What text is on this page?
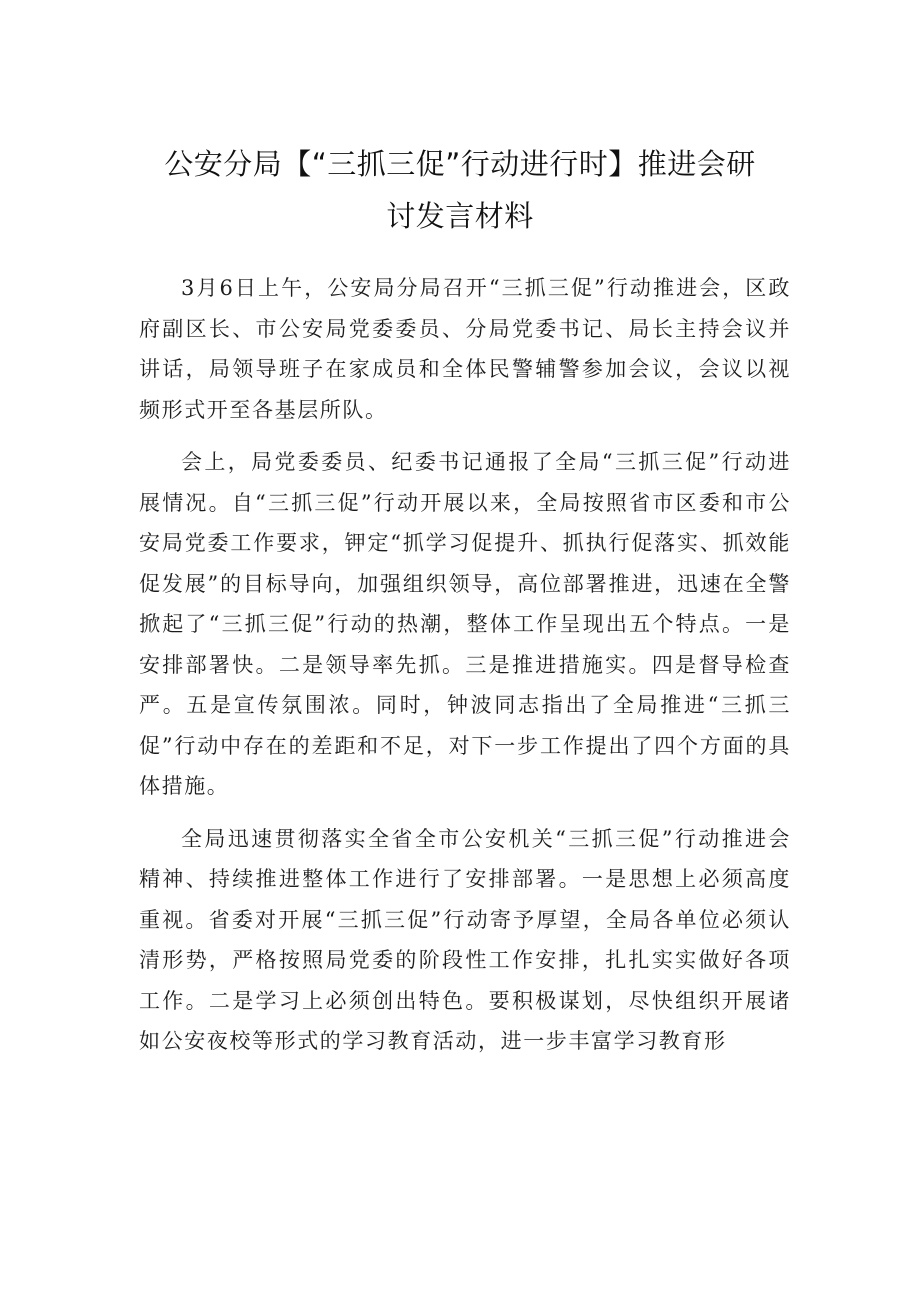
公安分局【“三抓三促”行动进行时】推进会研
讨发言材料

3月6日上午，公安局分局召开“三抓三促”行动推进会，区政府副区长、市公安局党委委员、分局党委书记、局长主持会议并讲话，局领导班子在家成员和全体民警辅警参加会议，会议以视频形式开至各基层所队。

会上，局党委委员、纪委书记通报了全局“三抓三促”行动进展情况。自“三抓三促”行动开展以来，全局按照省市区委和市公安局党委工作要求，钾定“抓学习促提升、抓执行促落实、抓效能促发展”的目标导向，加强组织领导，高位部署推进，迅速在全警掀起了“三抓三促”行动的热潮，整体工作呈现出五个特点。一是安排部署快。二是领导率先抓。三是推进措施实。四是督导检查严。五是宣传氛围浓。同时，钟波同志指出了全局推进“三抓三促”行动中存在的差距和不足，对下一步工作提出了四个方面的具体措施。

全局迅速贯彻落实全省全市公安机关“三抓三促”行动推进会精神、持续推进整体工作进行了安排部署。一是思想上必须高度重视。省委对开展“三抓三促”行动寄予厚望，全局各单位必须认清形势，严格按照局党委的阶段性工作安排，扎扎实实做好各项工作。二是学习上必须创出特色。要积极谋划，尽快组织开展诸如公安夜校等形式的学习教育活动，进一步丰富学习教育形
